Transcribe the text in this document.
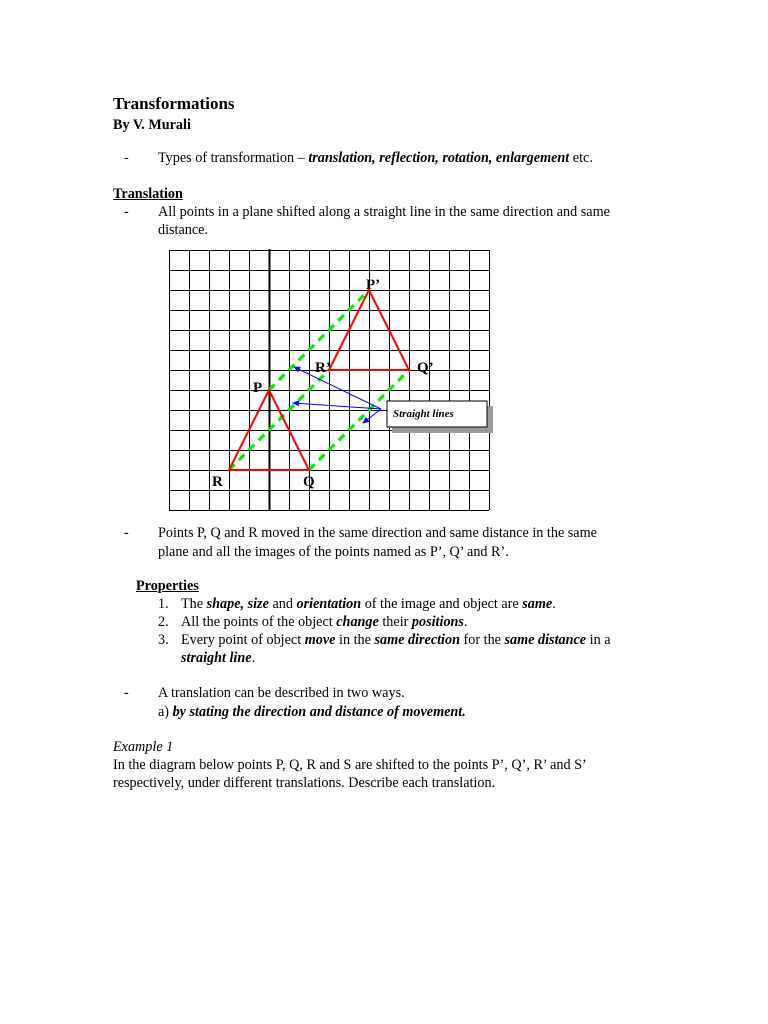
Transformations
By V. Murali
- Types of transformation – translation, reflection, rotation, enlargement etc.
Translation
- All points in a plane shifted along a straight line in the same direction and same
distance.
Straight lines
P’
R’	Q’
P
R	Q
- Points P, Q and R moved in the same direction and same distance in the same
plane and all the images of the points named as P’, Q’ and R’.
Properties
1. The shape, size and orientation of the image and object are same.
2. All the points of the object change their positions.
3. Every point of object move in the same direction for the same distance in a
straight line.
- A translation can be described in two ways.
a) by stating the direction and distance of movement.
Example 1
In the diagram below points P, Q, R and S are shifted to the points P’, Q’, R’ and S’
respectively, under different translations. Describe each translation.
